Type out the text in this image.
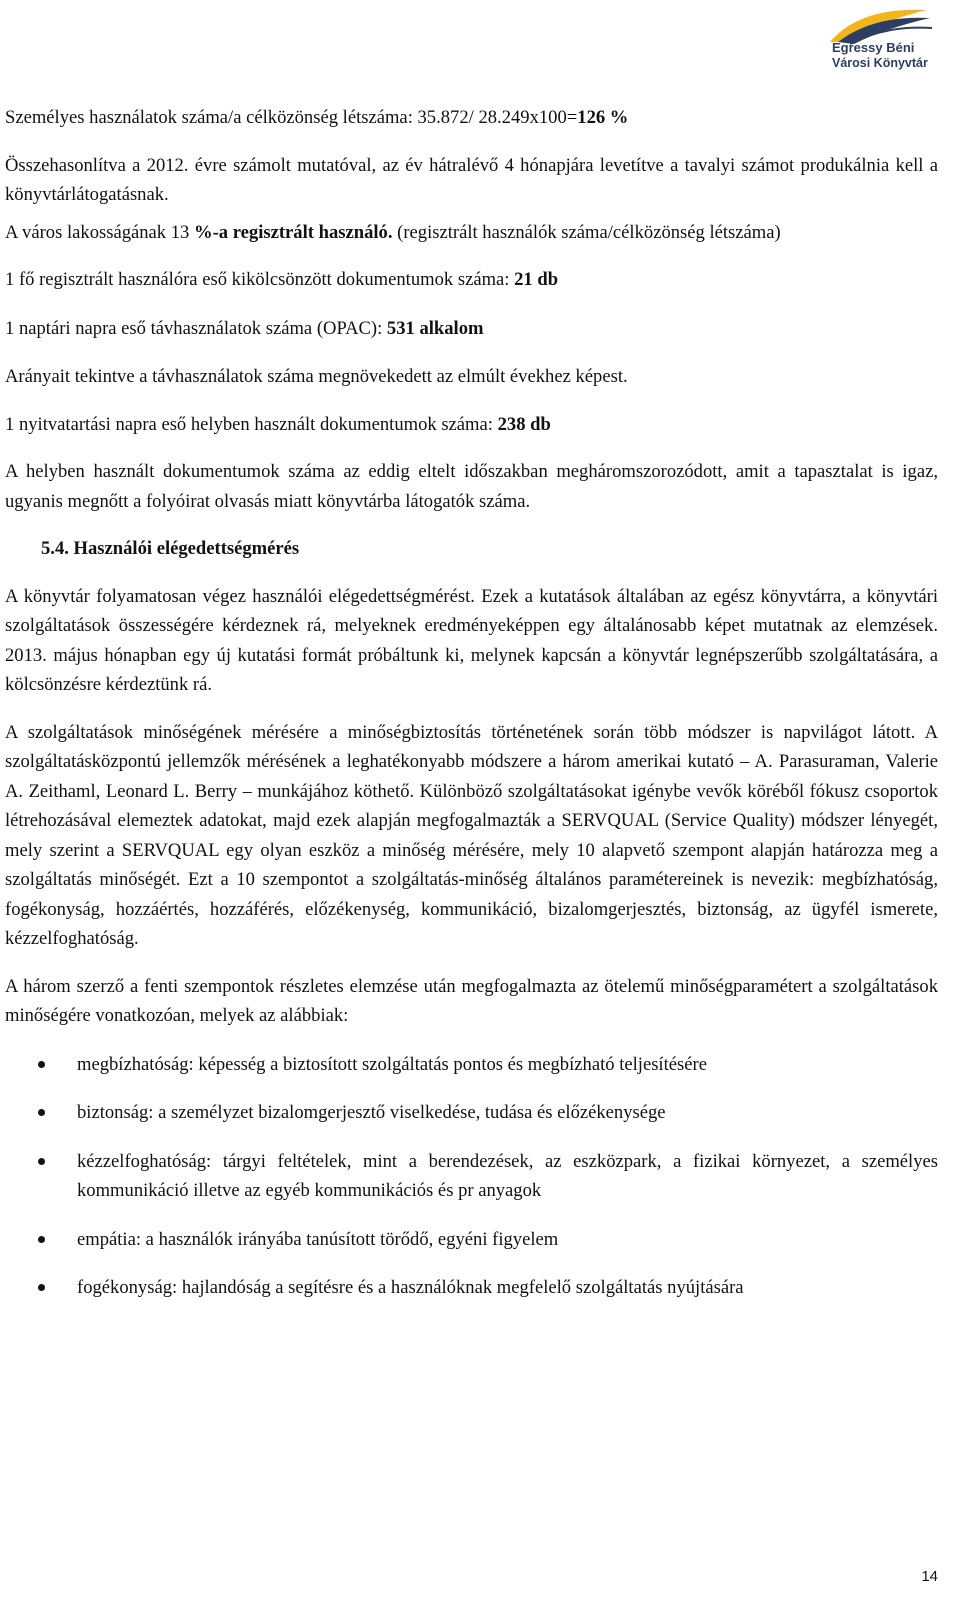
Egressy Béni
Városi Könyvtár

Személyes használatok száma/a célközönség létszáma: 35.872/ 28.249x100=126 %

Összehasonlítva a 2012. évre számolt mutatóval, az év hátralévő 4 hónapjára levetítve a tavalyi számot produkálnia kell a könyvtárlátogatásnak.

A város lakosságának 13 %-a regisztrált használó. (regisztrált használók száma/célközönség létszáma)

1 fő regisztrált használóra eső kikölcsönzött dokumentumok száma: 21 db

1 naptári napra eső távhasználatok száma (OPAC): 531 alkalom

Arányait tekintve a távhasználatok száma megnövekedett az elmúlt évekhez képest.

1 nyitvatartási napra eső helyben használt dokumentumok száma: 238 db

A helyben használt dokumentumok száma az eddig eltelt időszakban megháromszorozódott, amit a tapasztalat is igaz, ugyanis megnőtt a folyóirat olvasás miatt könyvtárba látogatók száma.

5.4. Használói elégedettségmérés

A könyvtár folyamatosan végez használói elégedettségmérést. Ezek a kutatások általában az egész könyvtárra, a könyvtári szolgáltatások összességére kérdeznek rá, melyeknek eredményeképpen egy általánosabb képet mutatnak az elemzések. 2013. május hónapban egy új kutatási formát próbáltunk ki, melynek kapcsán a könyvtár legnépszerűbb szolgáltatására, a kölcsönzésre kérdeztünk rá.

A szolgáltatások minőségének mérésére a minőségbiztosítás történetének során több módszer is napvilágot látott. A szolgáltatásközpontú jellemzők mérésének a leghatékonyabb módszere a három amerikai kutató – A. Parasuraman, Valerie A. Zeithaml, Leonard L. Berry – munkájához köthető. Különböző szolgáltatásokat igénybe vevők köréből fókusz csoportok létrehozásával elemeztek adatokat, majd ezek alapján megfogalmazták a SERVQUAL (Service Quality) módszer lényegét, mely szerint a SERVQUAL egy olyan eszköz a minőség mérésére, mely 10 alapvető szempont alapján határozza meg a szolgáltatás minőségét. Ezt a 10 szempontot a szolgáltatás-minőség általános paramétereinek is nevezik: megbízhatóság, fogékonyság, hozzáértés, hozzáférés, előzékenység, kommunikáció, bizalomgerjesztés, biztonság, az ügyfél ismerete, kézzelfoghatóság.

A három szerző a fenti szempontok részletes elemzése után megfogalmazta az ötelemű minőségparamétert a szolgáltatások minőségére vonatkozóan, melyek az alábbiak:

megbízhatóság: képesség a biztosított szolgáltatás pontos és megbízható teljesítésére
biztonság: a személyzet bizalomgerjesztő viselkedése, tudása és előzékenysége
kézzelfoghatóság: tárgyi feltételek, mint a berendezések, az eszközpark, a fizikai környezet, a személyes kommunikáció illetve az egyéb kommunikációs és pr anyagok
empátia: a használók irányába tanúsított törődő, egyéni figyelem
fogékonyság: hajlandóság a segítésre és a használóknak megfelelő szolgáltatás nyújtására
14
